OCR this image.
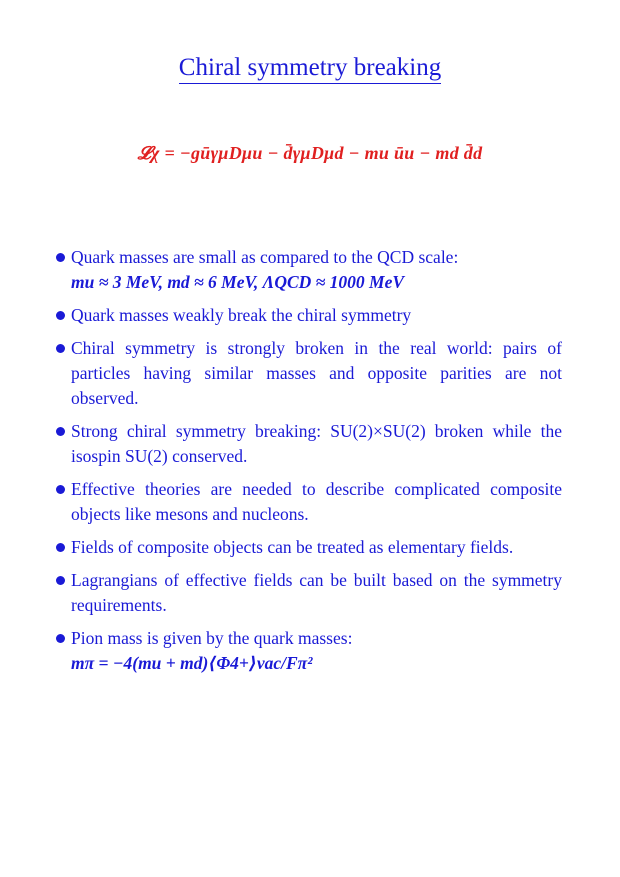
Chiral symmetry breaking
𝓛χ = −gūγμDμu − d̄γμDμd − mu ūu − md d̄d
Quark masses are small as compared to the QCD scale:
mu ≈ 3 MeV, md ≈ 6 MeV, ΛQCD ≈ 1000 MeV
Quark masses weakly break the chiral symmetry
Chiral symmetry is strongly broken in the real world: pairs of particles having similar masses and opposite parities are not observed.
Strong chiral symmetry breaking: SU(2)×SU(2) broken while the isospin SU(2) conserved.
Effective theories are needed to describe complicated composite objects like mesons and nucleons.
Fields of composite objects can be treated as elementary fields.
Lagrangians of effective fields can be built based on the symmetry requirements.
Pion mass is given by the quark masses:
mπ = −4(mu + md)⟨Φ4+⟩vac/Fπ²
